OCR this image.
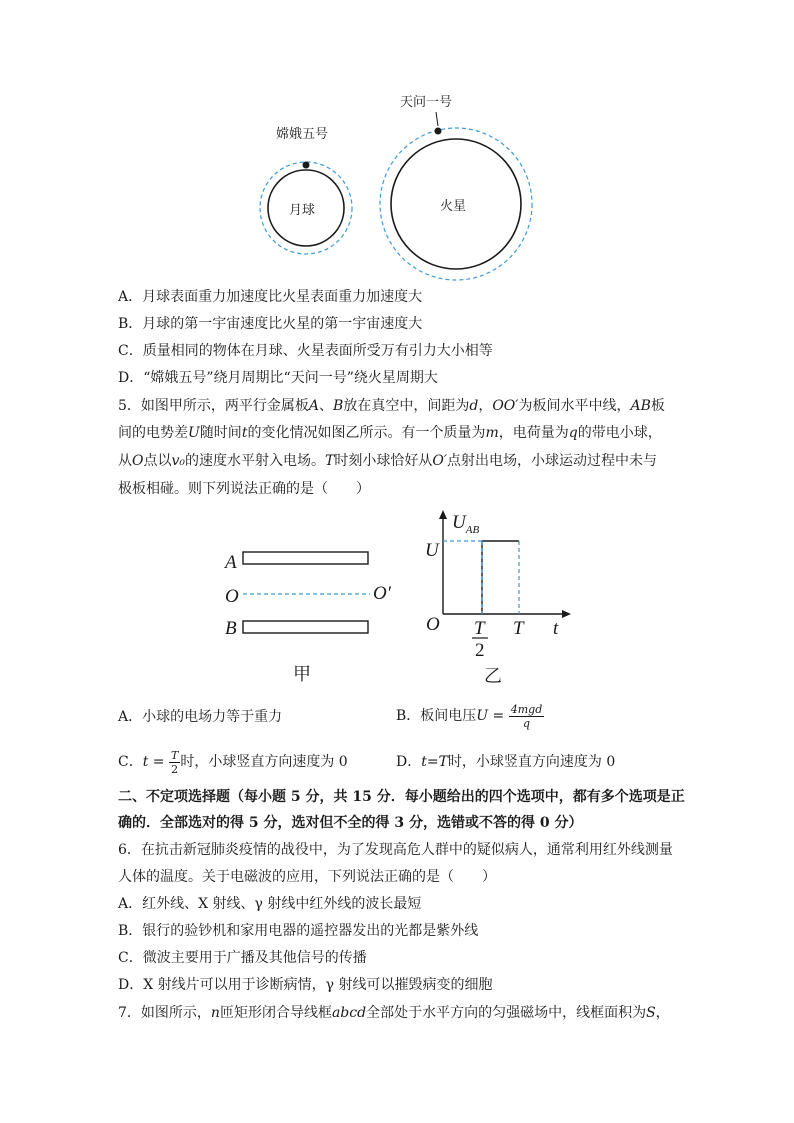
嫦娥五号
月球
天问一号
火星
A．月球表面重力加速度比火星表面重力加速度大
B．月球的第一宇宙速度比火星的第一宇宙速度大
C．质量相同的物体在月球、火星表面所受万有引力大小相等
D．“嫦娥五号”绕月周期比“天问一号”绕火星周期大
5．如图甲所示，两平行金属板A、B放在真空中，间距为d，OO′为板间水平中线，AB板
间的电势差U随时间t的变化情况如图乙所示。有一个质量为m，电荷量为q的带电小球，
从O点以v₀的速度水平射入电场。T时刻小球恰好从O′点射出电场，小球运动过程中未与
极板相碰。则下列说法正确的是（　　）
A
O	O′
B
甲
$U_{AB}$
U
O T
2
T t
乙
A．小球的电场力等于重力	B．板间电压$U = \frac{\text{4mgd}}{q}$
C．$t = \frac{T}{2}$ 时，小球竖直方向速度为 0	D．t=T时，小球竖直方向速度为 0
二、不定项选择题（每小题 5 分，共 15 分．每小题给出的四个选项中，都有多个选项是正
确的．全部选对的得 5 分，选对但不全的得 3 分，选错或不答的得 0 分）
6．在抗击新冠肺炎疫情的战役中，为了发现高危人群中的疑似病人，通常利用红外线测量
人体的温度。关于电磁波的应用，下列说法正确的是（　　）
A．红外线、X 射线、γ 射线中红外线的波长最短
B．银行的验钞机和家用电器的遥控器发出的光都是紫外线
C．微波主要用于广播及其他信号的传播
D．X 射线片可以用于诊断病情，γ 射线可以摧毁病变的细胞
7．如图所示，n匝矩形闭合导线框abcd全部处于水平方向的匀强磁场中，线框面积为S，
